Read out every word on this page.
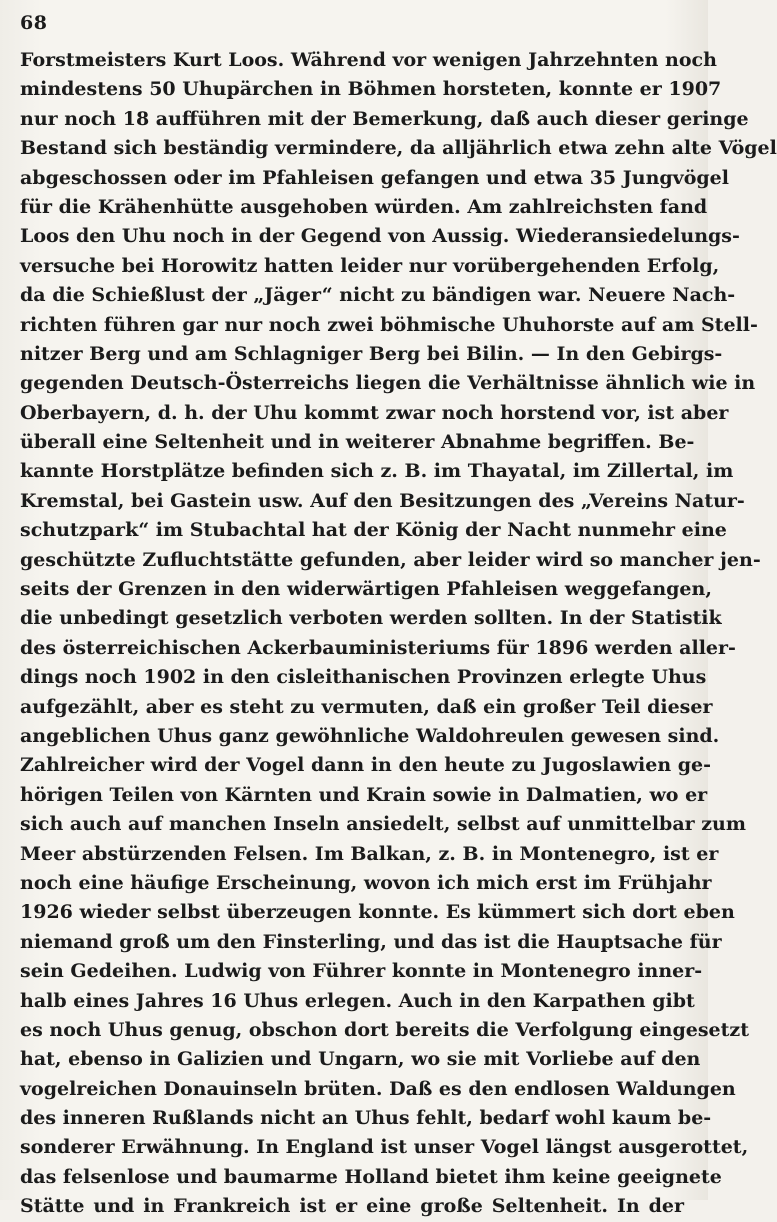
68
Forstmeisters Kurt Loos. Während vor wenigen Jahrzehnten noch
mindestens 50 Uhupärchen in Böhmen horsteten, konnte er 1907
nur noch 18 aufführen mit der Bemerkung, daß auch dieser geringe
Bestand sich beständig vermindere, da alljährlich etwa zehn alte Vögel
abgeschossen oder im Pfahleisen gefangen und etwa 35 Jungvögel
für die Krähenhütte ausgehoben würden. Am zahlreichsten fand
Loos den Uhu noch in der Gegend von Aussig. Wiederansiedelungs-
versuche bei Horowitz hatten leider nur vorübergehenden Erfolg,
da die Schießlust der „Jäger“ nicht zu bändigen war. Neuere Nach-
richten führen gar nur noch zwei böhmische Uhuhorste auf am Stell-
nitzer Berg und am Schlagniger Berg bei Bilin. — In den Gebirgs-
gegenden Deutsch-Österreichs liegen die Verhältnisse ähnlich wie in
Oberbayern, d. h. der Uhu kommt zwar noch horstend vor, ist aber
überall eine Seltenheit und in weiterer Abnahme begriffen. Be-
kannte Horstplätze befinden sich z. B. im Thayatal, im Zillertal, im
Kremstal, bei Gastein usw. Auf den Besitzungen des „Vereins Natur-
schutzpark“ im Stubachtal hat der König der Nacht nunmehr eine
geschützte Zufluchtstätte gefunden, aber leider wird so mancher jen-
seits der Grenzen in den widerwärtigen Pfahleisen weggefangen,
die unbedingt gesetzlich verboten werden sollten. In der Statistik
des österreichischen Ackerbauministeriums für 1896 werden aller-
dings noch 1902 in den cisleithanischen Provinzen erlegte Uhus
aufgezählt, aber es steht zu vermuten, daß ein großer Teil dieser
angeblichen Uhus ganz gewöhnliche Waldohreulen gewesen sind.
Zahlreicher wird der Vogel dann in den heute zu Jugoslawien ge-
hörigen Teilen von Kärnten und Krain sowie in Dalmatien, wo er
sich auch auf manchen Inseln ansiedelt, selbst auf unmittelbar zum
Meer abstürzenden Felsen. Im Balkan, z. B. in Montenegro, ist er
noch eine häufige Erscheinung, wovon ich mich erst im Frühjahr
1926 wieder selbst überzeugen konnte. Es kümmert sich dort eben
niemand groß um den Finsterling, und das ist die Hauptsache für
sein Gedeihen. Ludwig von Führer konnte in Montenegro inner-
halb eines Jahres 16 Uhus erlegen. Auch in den Karpathen gibt
es noch Uhus genug, obschon dort bereits die Verfolgung eingesetzt
hat, ebenso in Galizien und Ungarn, wo sie mit Vorliebe auf den
vogelreichen Donauinseln brüten. Daß es den endlosen Waldungen
des inneren Rußlands nicht an Uhus fehlt, bedarf wohl kaum be-
sonderer Erwähnung. In England ist unser Vogel längst ausgerottet,
das felsenlose und baumarme Holland bietet ihm keine geeignete
Stätte und in Frankreich ist er eine große Seltenheit. In der
